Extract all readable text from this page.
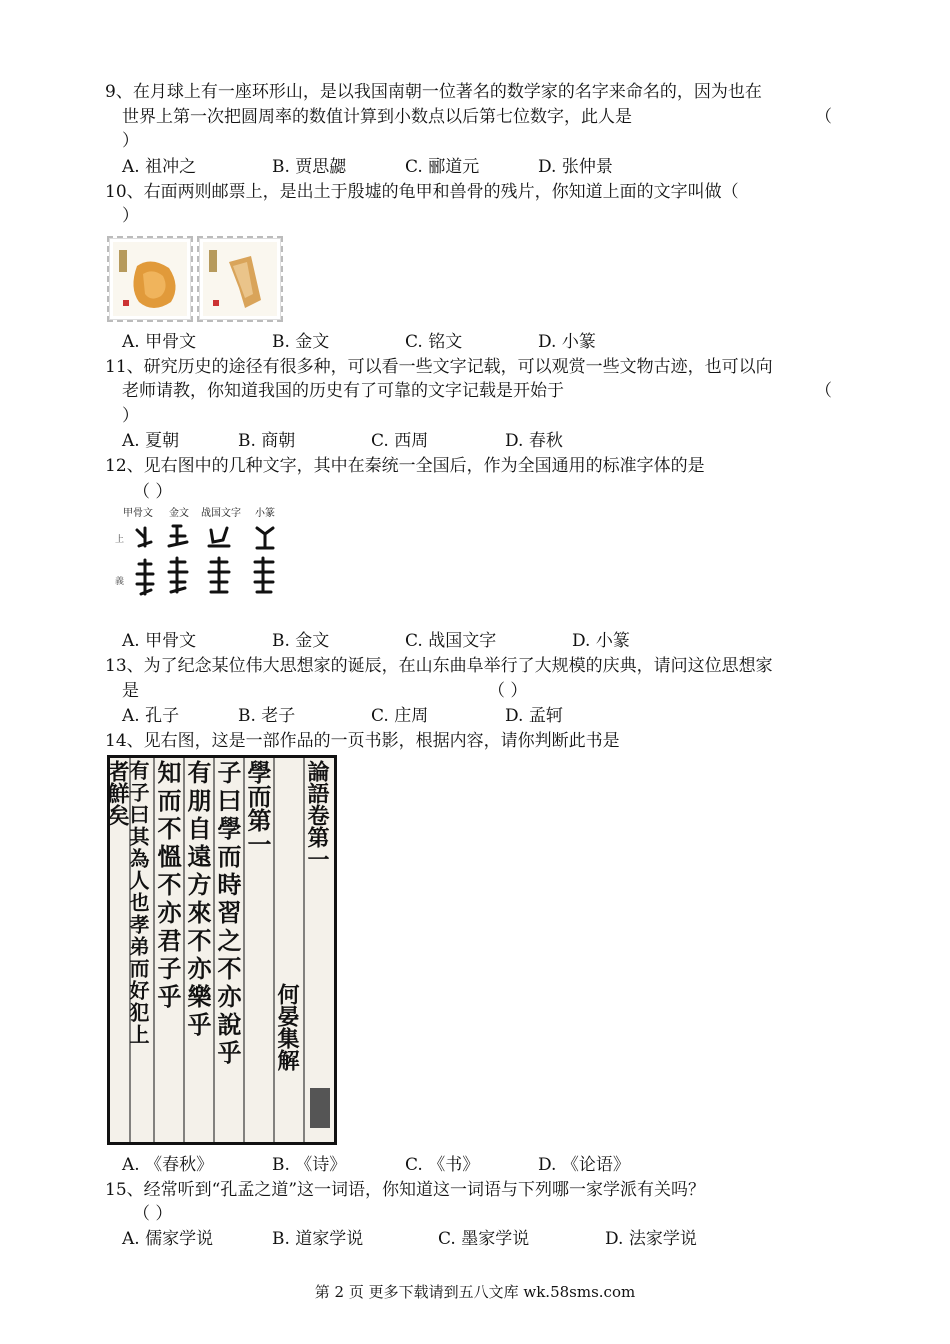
9、在月球上有一座环形山，是以我国南朝一位著名的数学家的名字来命名的，因为也在
世界上第一次把圆周率的数值计算到小数点以后第七位数字，此人是	（
）
A. 祖冲之	B. 贾思勰	C. 郦道元	D. 张仲景
10、右面两则邮票上，是出土于殷墟的龟甲和兽骨的残片，你知道上面的文字叫做（
）
A. 甲骨文	B. 金文	C. 铭文	D. 小篆
11、研究历史的途径有很多种，可以看一些文字记载，可以观赏一些文物古迹，也可以向
老师请教，你知道我国的历史有了可靠的文字记载是开始于	（
）
A. 夏朝	B. 商朝	C. 西周	D. 春秋
12、见右图中的几种文字，其中在秦统一全国后，作为全国通用的标准字体的是
（ ）
甲骨文 金文 战国文字 小篆
上
義
A. 甲骨文	B. 金文	C. 战国文字	D. 小篆
13、为了纪念某位伟大思想家的诞辰，在山东曲阜举行了大规模的庆典，请问这位思想家
是	（ ）
A. 孔子	B. 老子	C. 庄周	D. 孟轲
14、见右图，这是一部作品的一页书影，根据内容，请你判断此书是
論語卷第一
何晏集解
學而第一
子曰學而時習之不亦說乎
有朋自遠方來不亦樂乎
知而不慍不亦君子乎
有子曰其為人也孝弟而好犯上
者鮮矣
A. 《春秋》	B. 《诗》	C. 《书》	D. 《论语》
15、经常听到“孔孟之道”这一词语，你知道这一词语与下列哪一家学派有关吗？
（ ）
A. 儒家学说	B. 道家学说	C. 墨家学说	D. 法家学说
第 2 页 更多下载请到五八文库 wk.58sms.com
